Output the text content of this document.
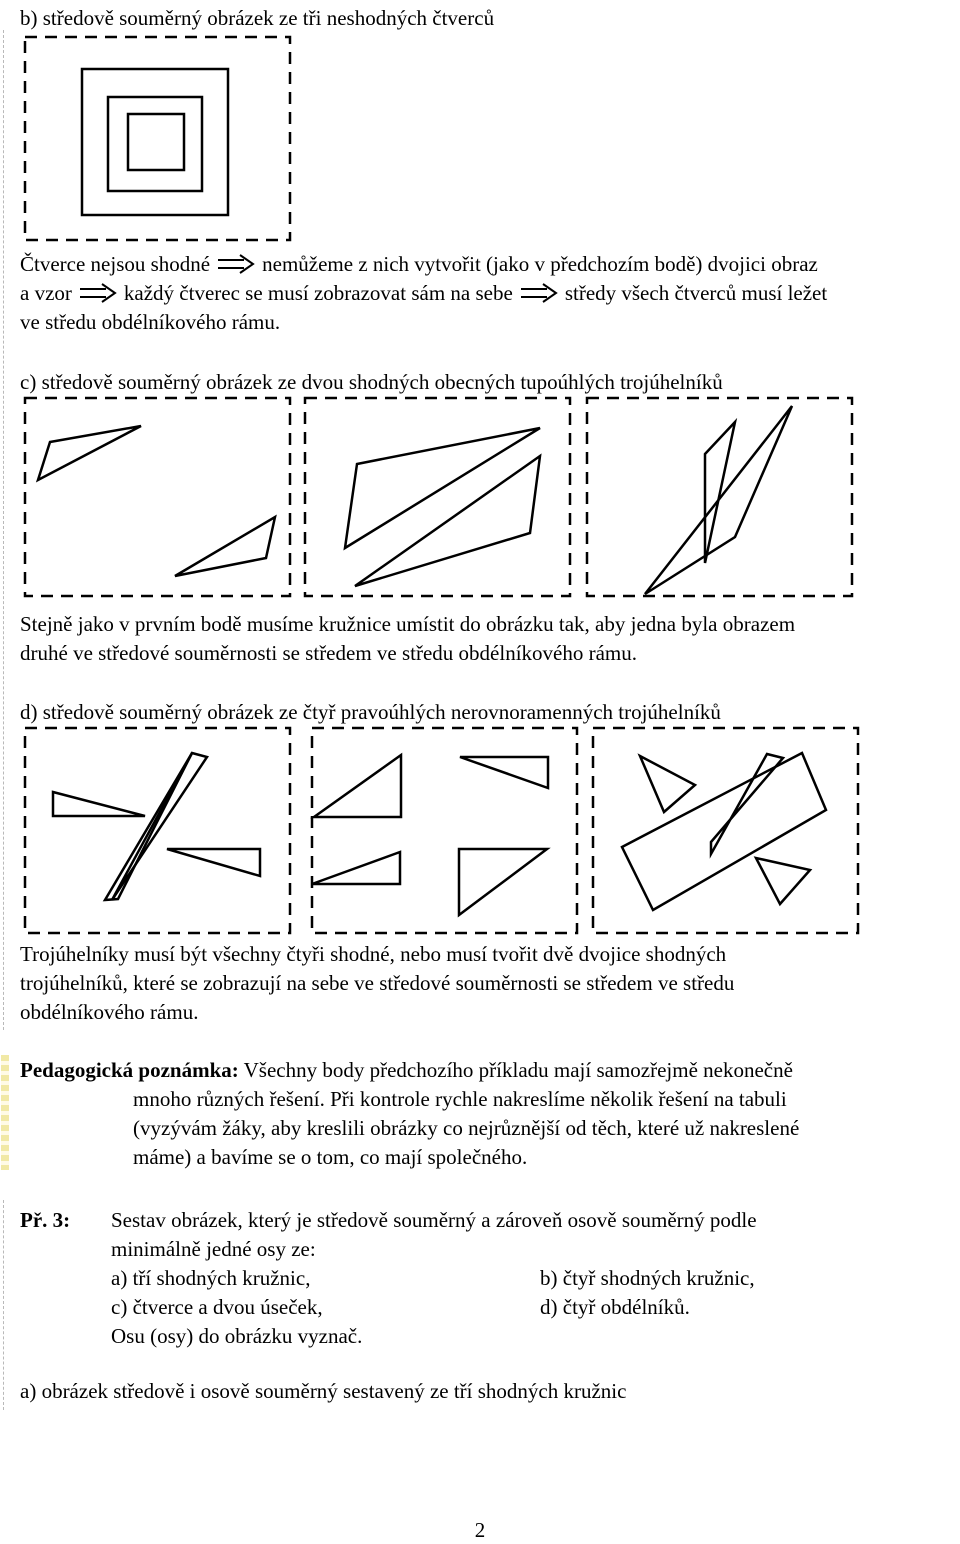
b) středově souměrný obrázek ze tři neshodných čtverců

Čtverce nejsou shodné nemůžeme z nich vytvořit (jako v předchozím bodě) dvojici obraz

a vzor každý čtverec se musí zobrazovat sám na sebe středy všech čtverců musí ležet

ve středu obdélníkového rámu.

c) středově souměrný obrázek ze dvou shodných obecných tupoúhlých trojúhelníků

Stejně jako v prvním bodě musíme kružnice umístit do obrázku tak, aby jedna byla obrazem

druhé ve středové souměrnosti se středem ve středu obdélníkového rámu.

d) středově souměrný obrázek ze čtyř pravoúhlých nerovnoramenných trojúhelníků

Trojúhelníky musí být všechny čtyři shodné, nebo musí tvořit dvě dvojice shodných

trojúhelníků, které se zobrazují na sebe ve středové souměrnosti se středem ve středu

obdélníkového rámu.

Pedagogická poznámka: Všechny body předchozího příkladu mají samozřejmě nekonečně
mnoho různých řešení. Při kontrole rychle nakreslíme několik řešení na tabuli
(vyzývám žáky, aby kreslili obrázky co nejrůznější od těch, které už nakreslené
máme) a bavíme se o tom, co mají společného.
Př. 3: Sestav obrázek, který je středově souměrný a zároveň osově souměrný podle
minimálně jedné osy ze:
a) tří shodných kružnic,	b) čtyř shodných kružnic,
c) čtverce a dvou úseček,	d) čtyř obdélníků.
Osu (osy) do obrázku vyznač.

a) obrázek středově i osově souměrný sestavený ze tří shodných kružnic

2
